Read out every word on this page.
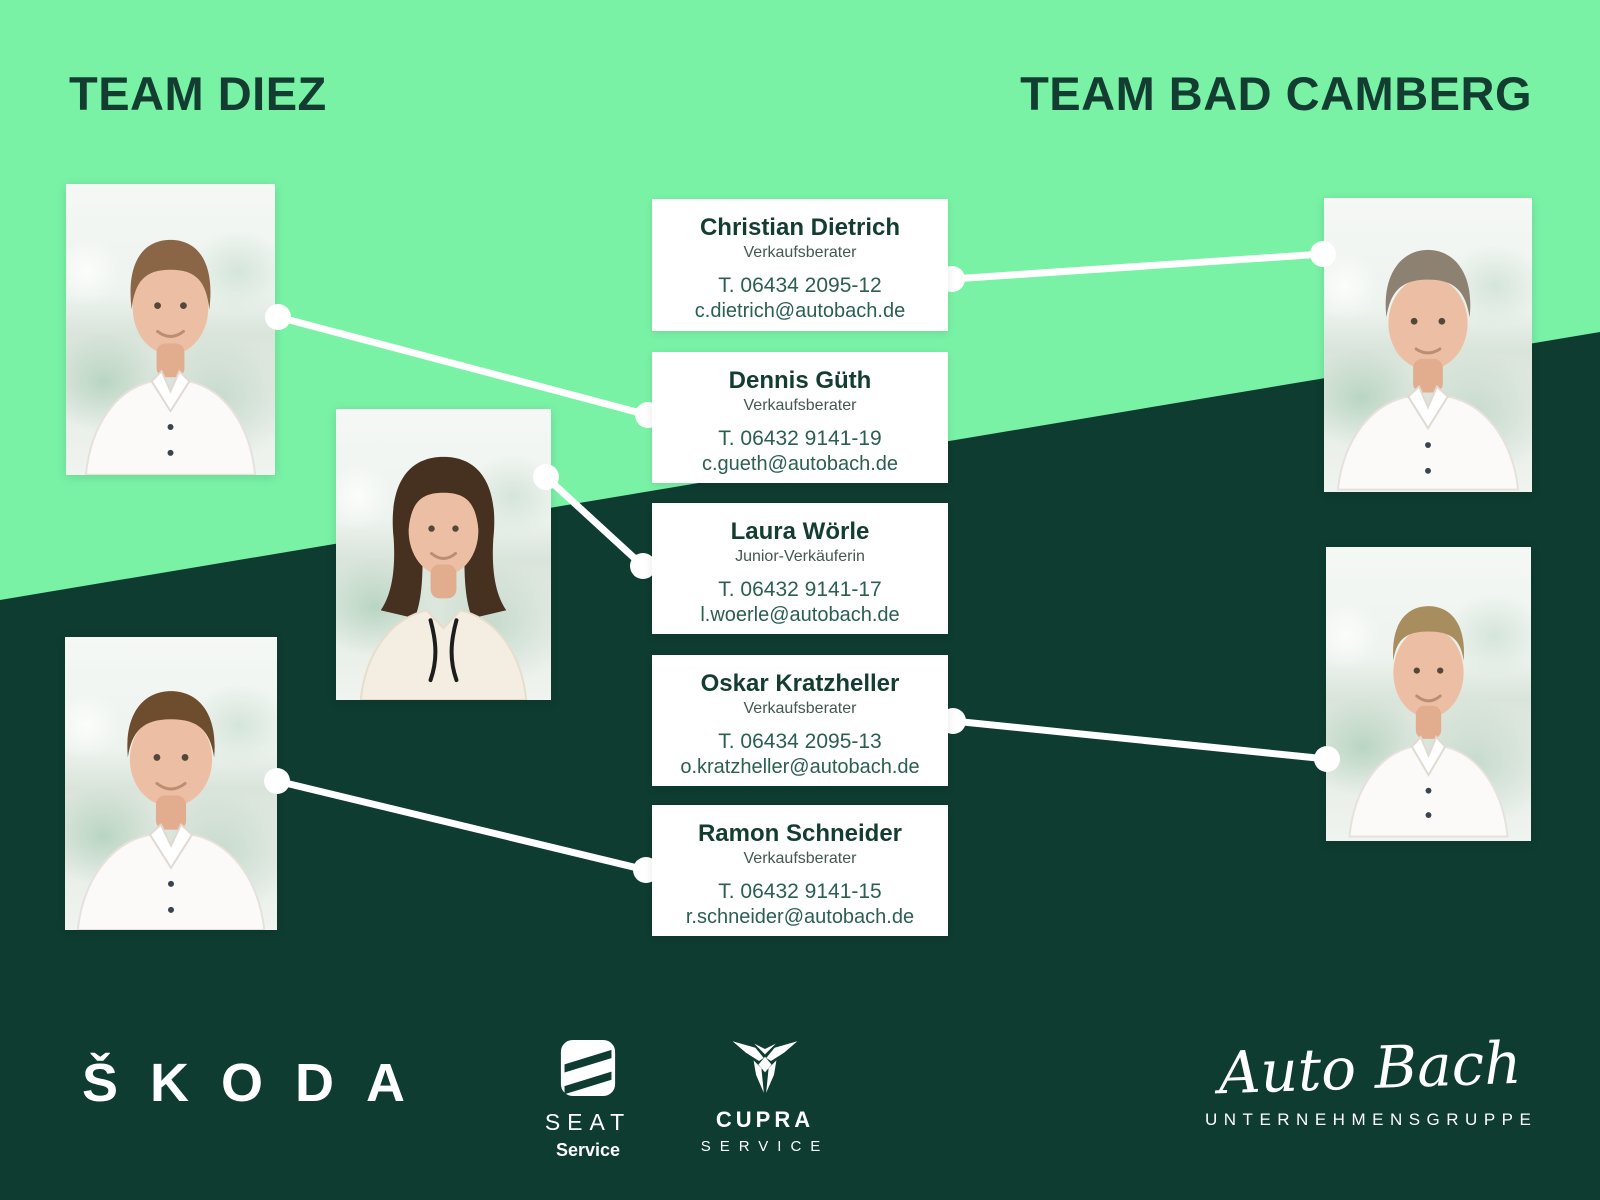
TEAM DIEZ	TEAM BAD CAMBERG
Christian Dietrich
Verkaufsberater
T. 06434 2095-12
c.dietrich@autobach.de
Dennis Güth
Verkaufsberater
T. 06432 9141-19
c.gueth@autobach.de
Laura Wörle
Junior-Verkäuferin
T. 06432 9141-17
l.woerle@autobach.de
Oskar Kratzheller
Verkaufsberater
T. 06434 2095-13
o.kratzheller@autobach.de
Ramon Schneider
Verkaufsberater
T. 06432 9141-15
r.schneider@autobach.de
ŠKODA
SEAT
Service
CUPRA
SERVICE
Auto Bach
UNTERNEHMENSGRUPPE
